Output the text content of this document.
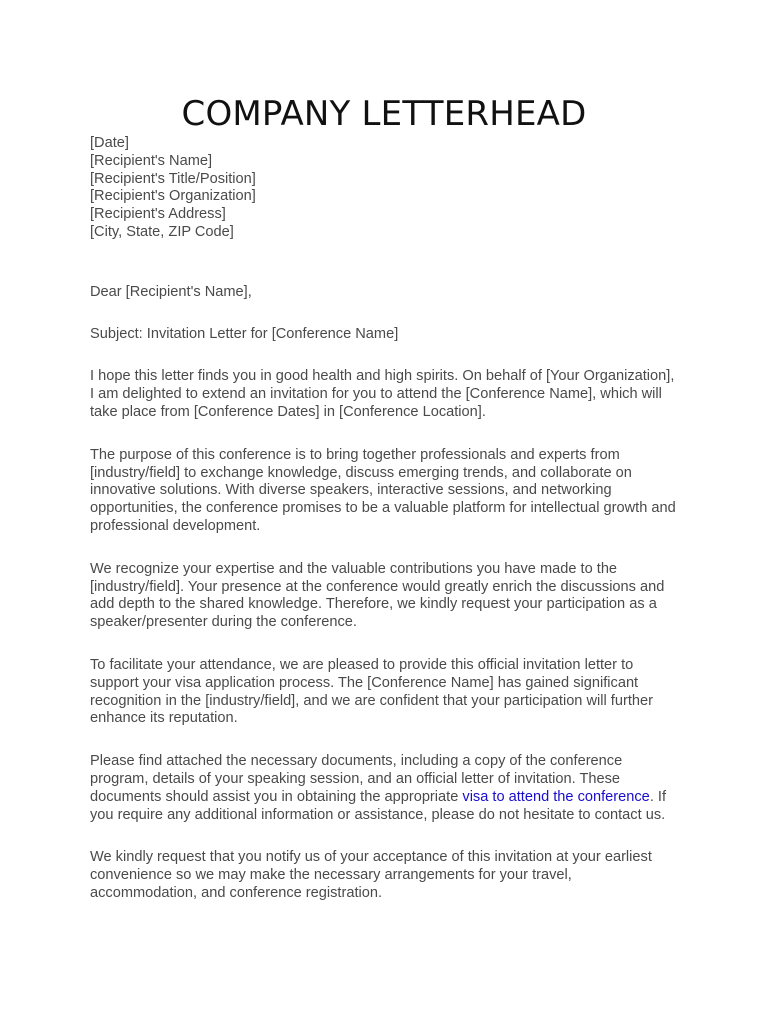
COMPANY LETTERHEAD
[Date]
[Recipient's Name]
[Recipient's Title/Position]
[Recipient's Organization]
[Recipient's Address]
[City, State, ZIP Code]
Dear [Recipient's Name],
Subject: Invitation Letter for [Conference Name]
I hope this letter finds you in good health and high spirits. On behalf of [Your Organization], I am delighted to extend an invitation for you to attend the [Conference Name], which will take place from [Conference Dates] in [Conference Location].
The purpose of this conference is to bring together professionals and experts from [industry/field] to exchange knowledge, discuss emerging trends, and collaborate on innovative solutions. With diverse speakers, interactive sessions, and networking opportunities, the conference promises to be a valuable platform for intellectual growth and professional development.
We recognize your expertise and the valuable contributions you have made to the [industry/field]. Your presence at the conference would greatly enrich the discussions and add depth to the shared knowledge. Therefore, we kindly request your participation as a speaker/presenter during the conference.
To facilitate your attendance, we are pleased to provide this official invitation letter to support your visa application process. The [Conference Name] has gained significant recognition in the [industry/field], and we are confident that your participation will further enhance its reputation.
Please find attached the necessary documents, including a copy of the conference program, details of your speaking session, and an official letter of invitation. These documents should assist you in obtaining the appropriate visa to attend the conference. If you require any additional information or assistance, please do not hesitate to contact us.
We kindly request that you notify us of your acceptance of this invitation at your earliest convenience so we may make the necessary arrangements for your travel, accommodation, and conference registration.
